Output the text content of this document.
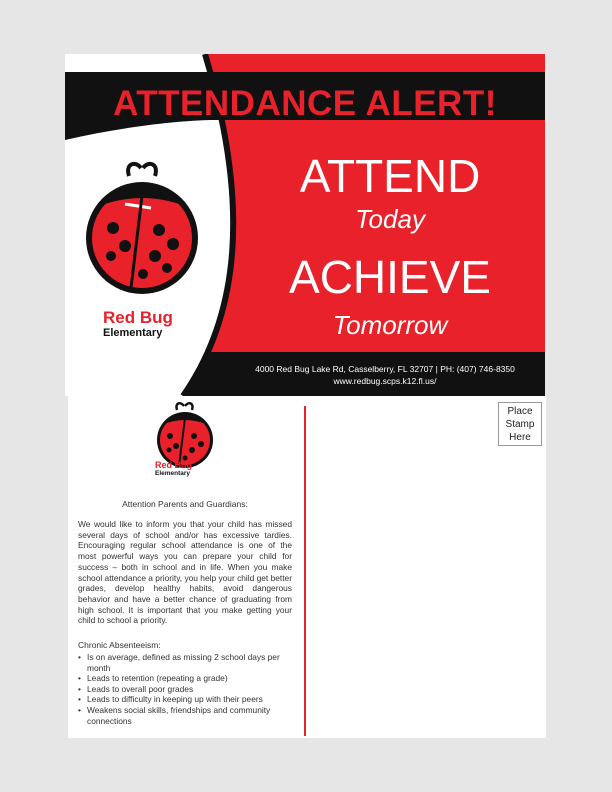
ATTENDANCE ALERT!
ATTEND
Today
ACHIEVE
Tomorrow
4000 Red Bug Lake Rd, Casselberry, FL 32707 | PH: (407) 746-8350
www.redbug.scps.k12.fl.us/
Red Bug
Elementary
Place
Stamp
Here
Red Bug
Elementary
Attention Parents and Guardians:
We would like to inform you that your child has missed several days of school and/or has excessive tardies. Encouraging regular school attendance is one of the most powerful ways you can prepare your child for success – both in school and in life. When you make school attendance a priority, you help your child get better grades, develop healthy habits, avoid dangerous behavior and have a better chance of graduating from high school. It is important that you make getting your child to school a priority.
Chronic Absenteeism:
• Is on average, defined as missing 2 school days per month
• Leads to retention (repeating a grade)
• Leads to overall poor grades
• Leads to difficulty in keeping up with their peers
• Weakens social skills, friendships and community connections
